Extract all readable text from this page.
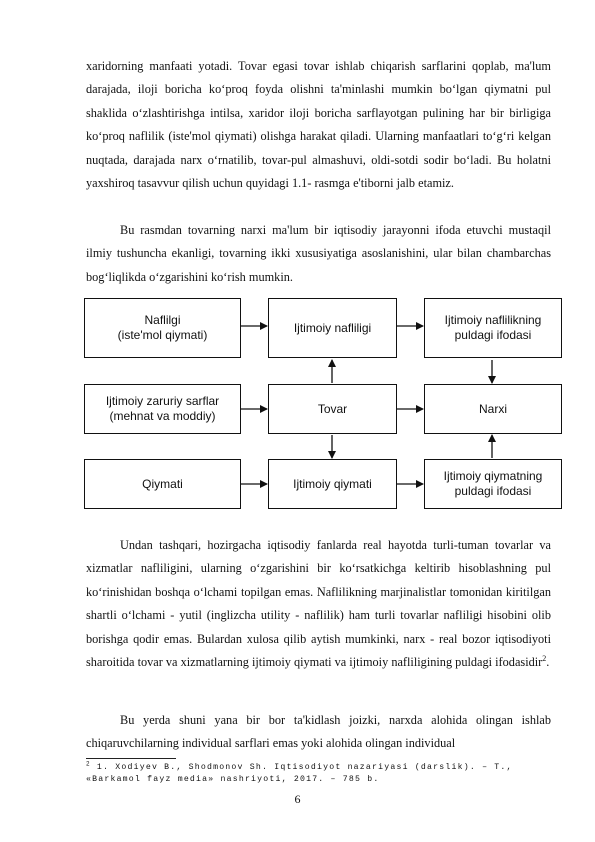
xaridorning manfaati yotadi. Tovar egasi tovar ishlab chiqarish sarflarini qoplab, ma'lum darajada, iloji boricha ko‘proq foyda olishni ta'minlashi mumkin bo‘lgan qiymatni pul shaklida o‘zlashtirishga intilsa, xaridor iloji boricha sarflayotgan pulining har bir birligiga ko‘proq naflilik (iste'mol qiymati) olishga harakat qiladi. Ularning manfaatlari to‘g‘ri kelgan nuqtada, darajada narx o‘rnatilib, tovar-pul almashuvi, oldi-sotdi sodir bo‘ladi. Bu holatni yaxshiroq tasavvur qilish uchun quyidagi 1.1- rasmga e'tiborni jalb etamiz.

Bu rasmdan tovarning narxi ma'lum bir iqtisodiy jarayonni ifoda etuvchi mustaqil ilmiy tushuncha ekanligi, tovarning ikki xususiyatiga asoslanishini, ular bilan chambarchas bog‘liqlikda o‘zgarishini ko‘rish mumkin.

Naflilgi
(iste'mol qiymati)
Ijtimoiy nafliligi
Ijtimoiy naflilikning
puldagi ifodasi
Ijtimoiy zaruriy sarflar
(mehnat va moddiy)
Tovar	Narxi
Qiymati	Ijtimoiy qiymati
Ijtimoiy qiymatning
puldagi ifodasi

Undan tashqari, hozirgacha iqtisodiy fanlarda real hayotda turli-tuman tovarlar va xizmatlar nafliligini, ularning o‘zgarishini bir ko‘rsatkichga keltirib hisoblashning pul ko‘rinishidan boshqa o‘lchami topilgan emas. Naflilikning marjinalistlar tomonidan kiritilgan shartli o‘lchami - yutil (inglizcha utility - naflilik) ham turli tovarlar nafliligi hisobini olib borishga qodir emas. Bulardan xulosa qilib aytish mumkinki, narx - real bozor iqtisodiyoti sharoitida tovar va xizmatlarning ijtimoiy qiymati va ijtimoiy nafliligining puldagi ifodasidir$^2$.

Bu yerda shuni yana bir bor ta'kidlash joizki, narxda alohida olingan ishlab chiqaruvchilarning individual sarflari emas yoki alohida olingan individual

$^2$ 1. Xodiyev B., Shodmonov Sh. Iqtisodiyot nazariyasi (darslik). – T., «Barkamol fayz media» nashriyoti, 2017. – 785 b.

6
